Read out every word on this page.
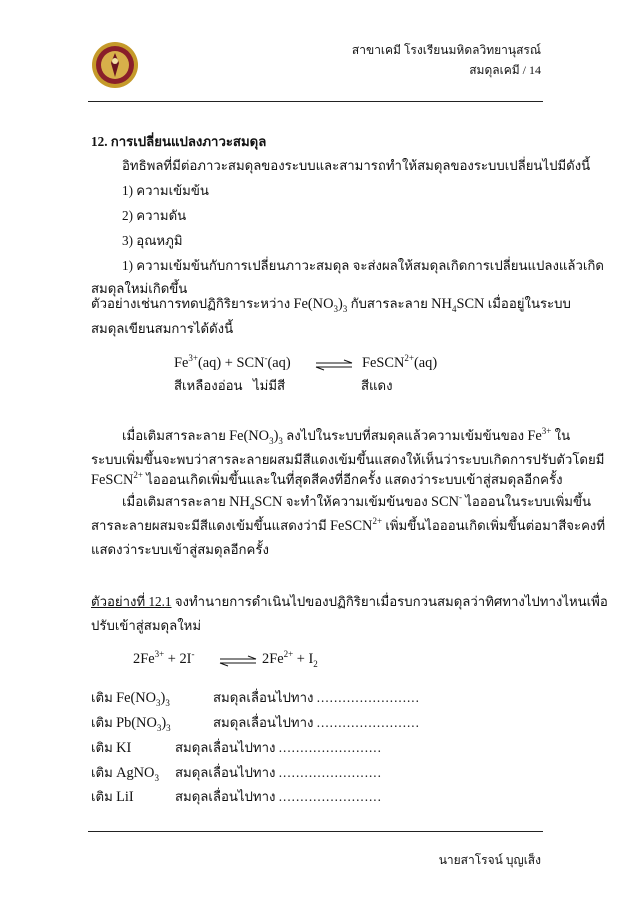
สาขาเคมี โรงเรียนมหิดลวิทยานุสรณ์
สมดุลเคมี / 14
12. การเปลี่ยนแปลงภาวะสมดุล
อิทธิพลที่มีต่อภาวะสมดุลของระบบและสามารถทำให้สมดุลของระบบเปลี่ยนไปมีดังนี้
1) ความเข้มข้น
2) ความดัน
3) อุณหภูมิ
1) ความเข้มข้นกับการเปลี่ยนภาวะสมดุล จะส่งผลให้สมดุลเกิดการเปลี่ยนแปลงแล้วเกิด
สมดุลใหม่เกิดขึ้น
ตัวอย่างเช่นการทดปฏิกิริยาระหว่าง $Fe(NO_3)_3$ กับสารละลาย $NH_4SCN$ เมื่ออยู่ในระบบ
สมดุลเขียนสมการได้ดังนี้
$Fe^{3+}(aq) + SCN^-(aq)$ ⇌ FeSCN$^{2+}$(aq)
สีเหลืองอ่อน ไม่มีสี	สีแดง
เมื่อเติมสารละลาย $Fe(NO_3)_3$ ลงไปในระบบที่สมดุลแล้วความเข้มข้นของ $Fe^{3+}$ ใน
ระบบเพิ่มขึ้นจะพบว่าสารละลายผสมมีสีแดงเข้มขึ้นแสดงให้เห็นว่าระบบเกิดการปรับตัวโดยมี
FeSCN$^{2+}$ ไอออนเกิดเพิ่มขึ้นและในที่สุดสีคงที่อีกครั้ง แสดงว่าระบบเข้าสู่สมดุลอีกครั้ง
เมื่อเติมสารละลาย $NH_4SCN$ จะทำให้ความเข้มข้นของ SCN- ไอออนในระบบเพิ่มขึ้น
สารละลายผสมจะมีสีแดงเข้มขึ้นแสดงว่ามี FeSCN$^{2+}$ เพิ่มขึ้นไอออนเกิดเพิ่มขึ้นต่อมาสีจะคงที่
แสดงว่าระบบเข้าสู่สมดุลอีกครั้ง
ตัวอย่างที่ 12.1 จงทำนายการดำเนินไปของปฏิกิริยาเมื่อรบกวนสมดุลว่าทิศทางไปทางไหนเพื่อ
ปรับเข้าสู่สมดุลใหม่
$2Fe^{3+} + 2I^-$	$2Fe^{2+} + I_2$
เติม $Fe(NO_3)_3$	สมดุลเลื่อนไปทาง ........................
เติม $Pb(NO_3)_3$	สมดุลเลื่อนไปทาง ........................
เติม KI	สมดุลเลื่อนไปทาง ........................
เติม AgNO$_3$ สมดุลเลื่อนไปทาง ........................
เติม LiI	สมดุลเลื่อนไปทาง ........................
นายสาโรจน์ บุญเส็ง
